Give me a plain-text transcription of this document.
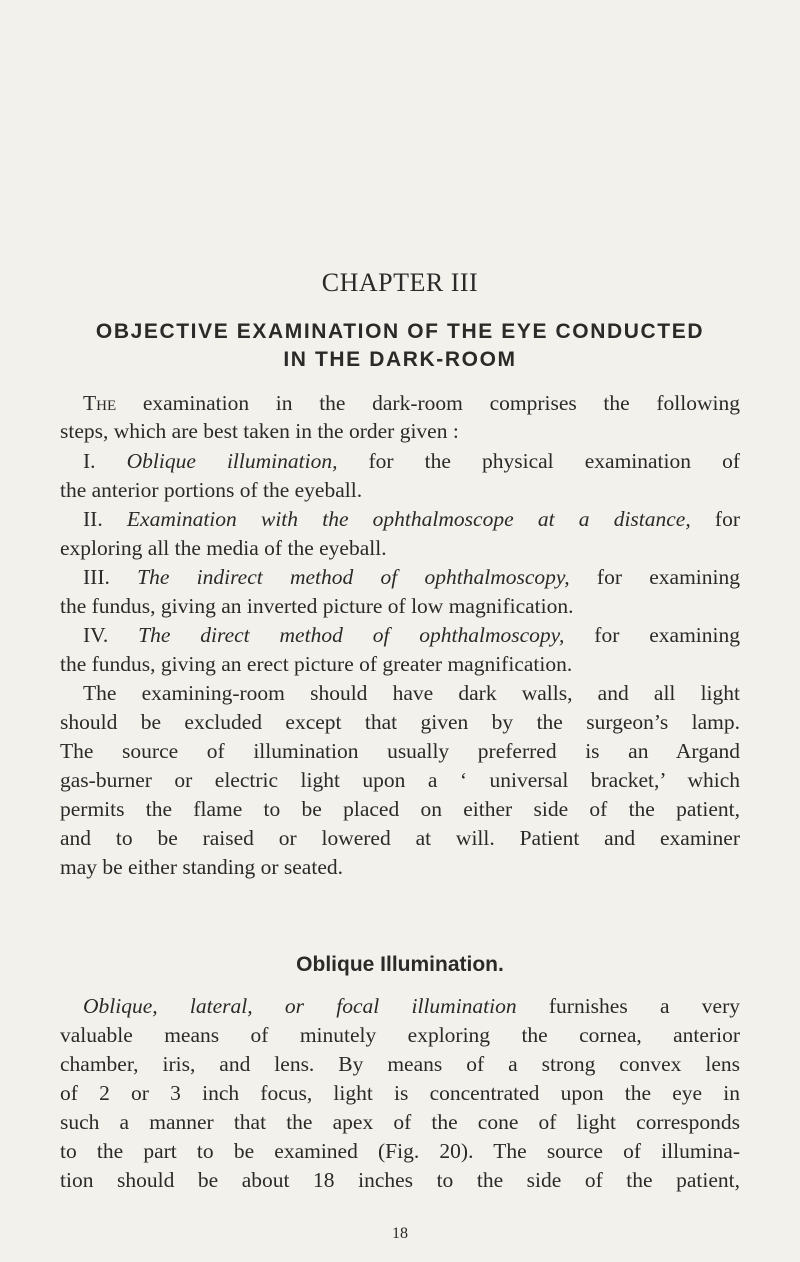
CHAPTER III
OBJECTIVE EXAMINATION OF THE EYE CONDUCTED
IN THE DARK-ROOM
The examination in the dark-room comprises the following
steps, which are best taken in the order given :
I. Oblique illumination, for the physical examination of
the anterior portions of the eyeball.
II. Examination with the ophthalmoscope at a distance, for
exploring all the media of the eyeball.
III. The indirect method of ophthalmoscopy, for examining
the fundus, giving an inverted picture of low magnification.
IV. The direct method of ophthalmoscopy, for examining
the fundus, giving an erect picture of greater magnification.
The examining-room should have dark walls, and all light
should be excluded except that given by the surgeon’s lamp.
The source of illumination usually preferred is an Argand
gas-burner or electric light upon a ‘ universal bracket,’ which
permits the flame to be placed on either side of the patient,
and to be raised or lowered at will. Patient and examiner
may be either standing or seated.
Oblique Illumination.
Oblique, lateral, or focal illumination furnishes a very
valuable means of minutely exploring the cornea, anterior
chamber, iris, and lens. By means of a strong convex lens
of 2 or 3 inch focus, light is concentrated upon the eye in
such a manner that the apex of the cone of light corresponds
to the part to be examined (Fig. 20). The source of illumina-
tion should be about 18 inches to the side of the patient,
18
